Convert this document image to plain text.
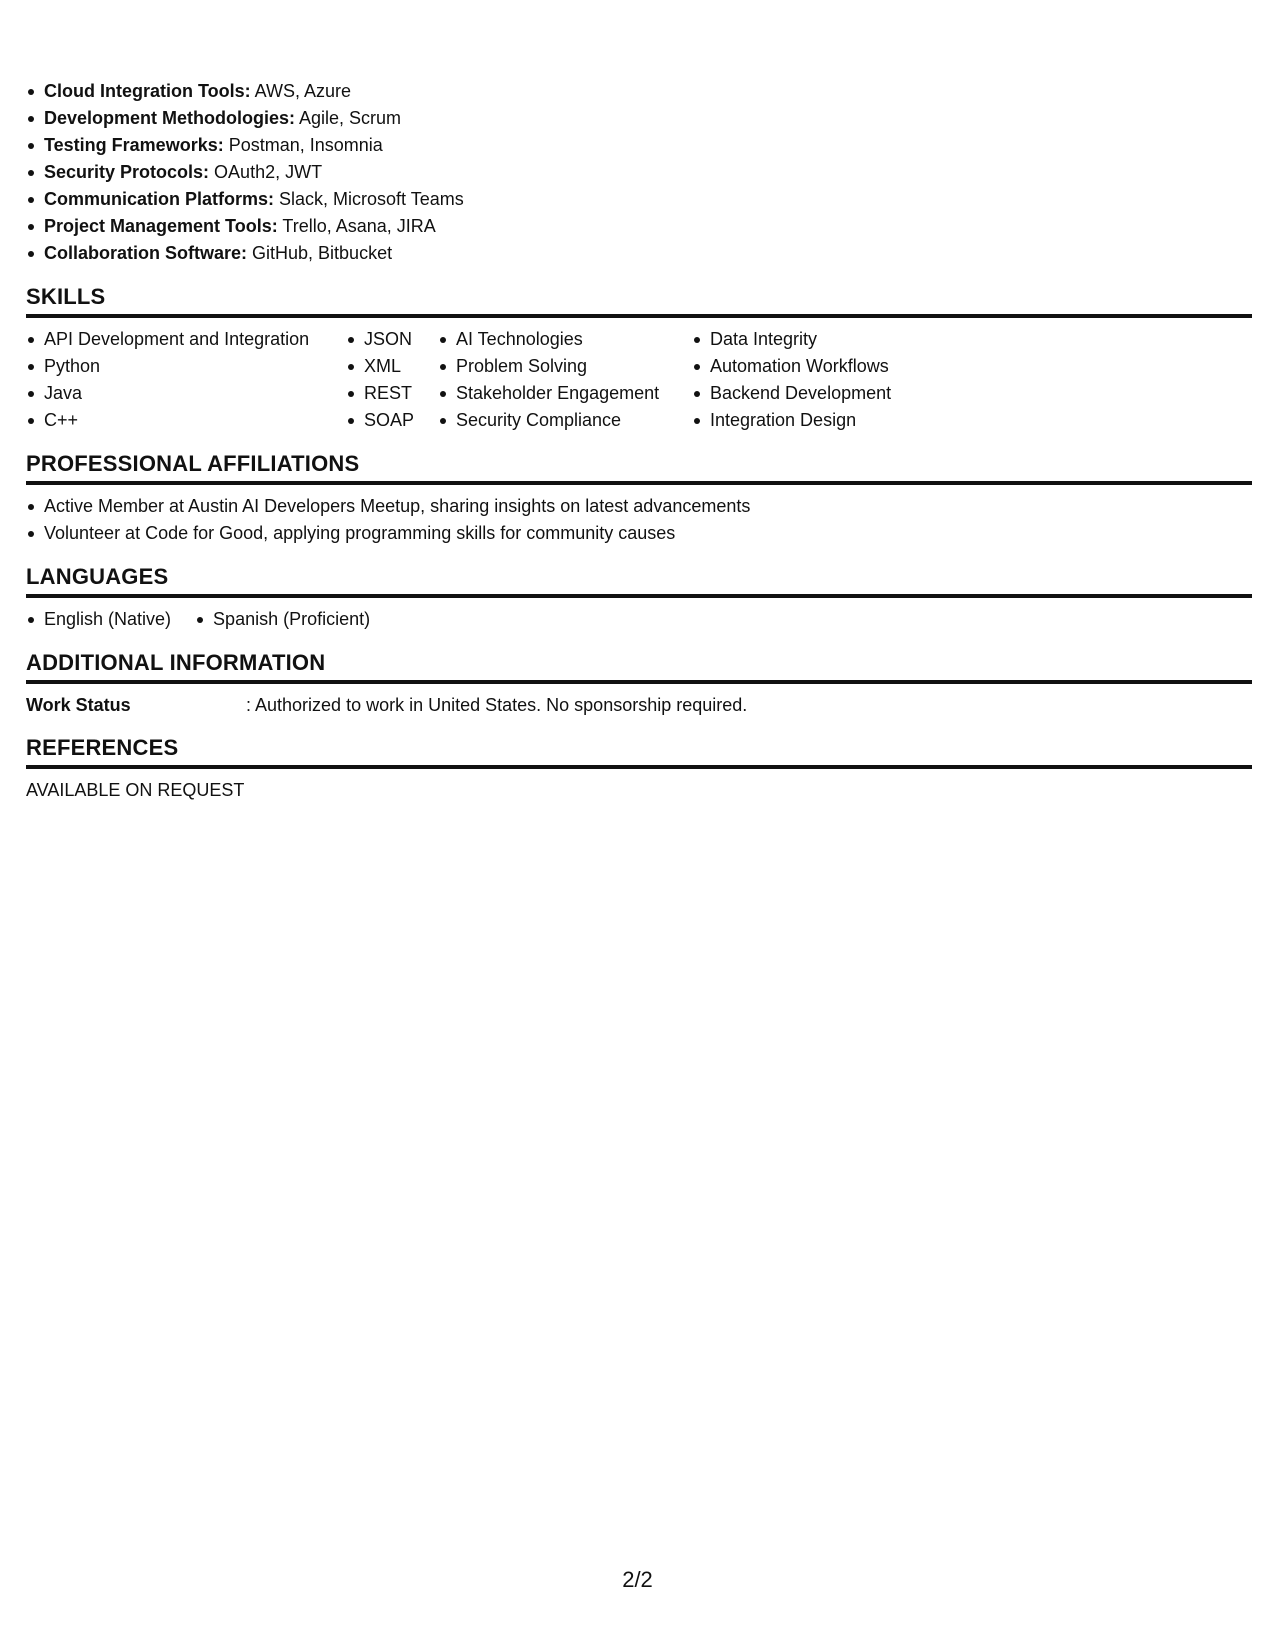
Cloud Integration Tools: AWS, Azure
Development Methodologies: Agile, Scrum
Testing Frameworks: Postman, Insomnia
Security Protocols: OAuth2, JWT
Communication Platforms: Slack, Microsoft Teams
Project Management Tools: Trello, Asana, JIRA
Collaboration Software: GitHub, Bitbucket
SKILLS
API Development and Integration
Python
Java
C++
JSON
XML
REST
SOAP
AI Technologies
Problem Solving
Stakeholder Engagement
Security Compliance
Data Integrity
Automation Workflows
Backend Development
Integration Design
PROFESSIONAL AFFILIATIONS
Active Member at Austin AI Developers Meetup, sharing insights on latest advancements
Volunteer at Code for Good, applying programming skills for community causes
LANGUAGES
English (Native)	Spanish (Proficient)
ADDITIONAL INFORMATION
Work Status	: Authorized to work in United States. No sponsorship required.
REFERENCES
AVAILABLE ON REQUEST
2/2
